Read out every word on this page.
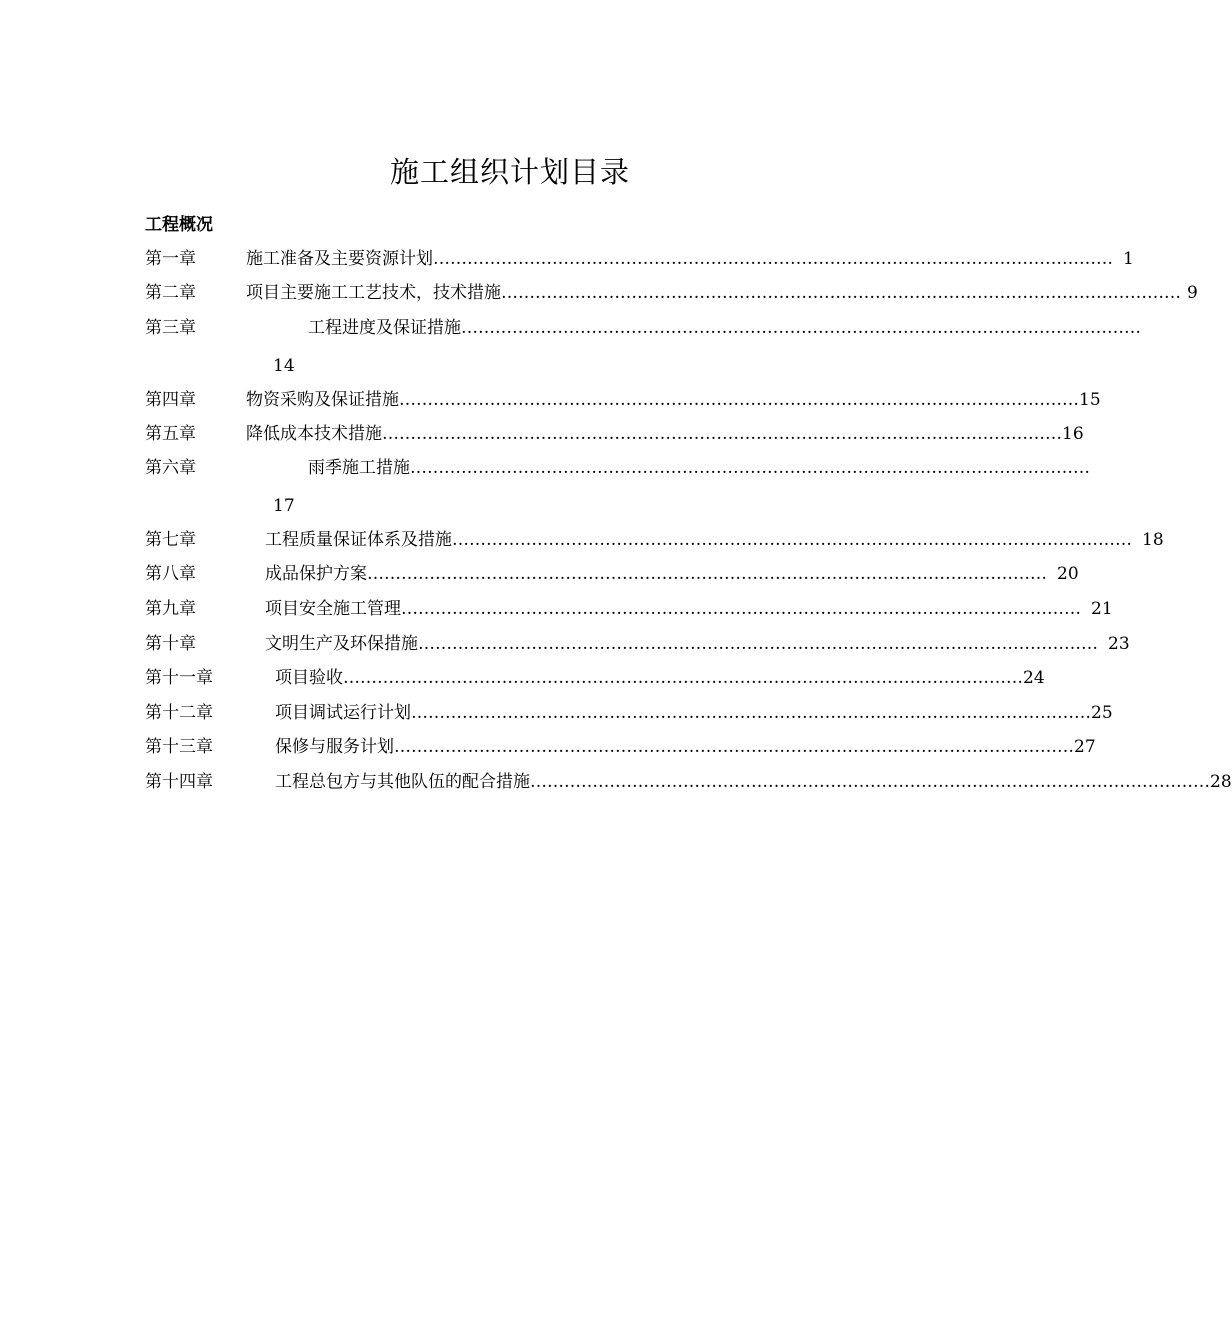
施工组织计划目录
工程概况
第一章	施工准备及主要资源计划 ………………………………………………………………………………………………………… 1
第二章	项目主要施工工艺技术，技术措施 ………………………………………………………………………………………………………… 9
第三章	工程进度及保证措施 …………………………………………………………………………………………………………
14
第四章	物资采购及保证措施 ………………………………………………………………………………………………………… 15
第五章	降低成本技术措施 ………………………………………………………………………………………………………… 16
第六章	雨季施工措施 …………………………………………………………………………………………………………
17
第七章	工程质量保证体系及措施 ………………………………………………………………………………………………………… 18
第八章	成品保护方案 ………………………………………………………………………………………………………… 20
第九章	项目安全施工管理 ………………………………………………………………………………………………………… 21
第十章	文明生产及环保措施 ………………………………………………………………………………………………………… 23
第十一章	项目验收 ………………………………………………………………………………………………………… 24
第十二章	项目调试运行计划 ………………………………………………………………………………………………………… 25
第十三章	保修与服务计划 ………………………………………………………………………………………………………… 27
第十四章	工程总包方与其他队伍的配合措施 ………………………………………………………………………………………………………… 28
